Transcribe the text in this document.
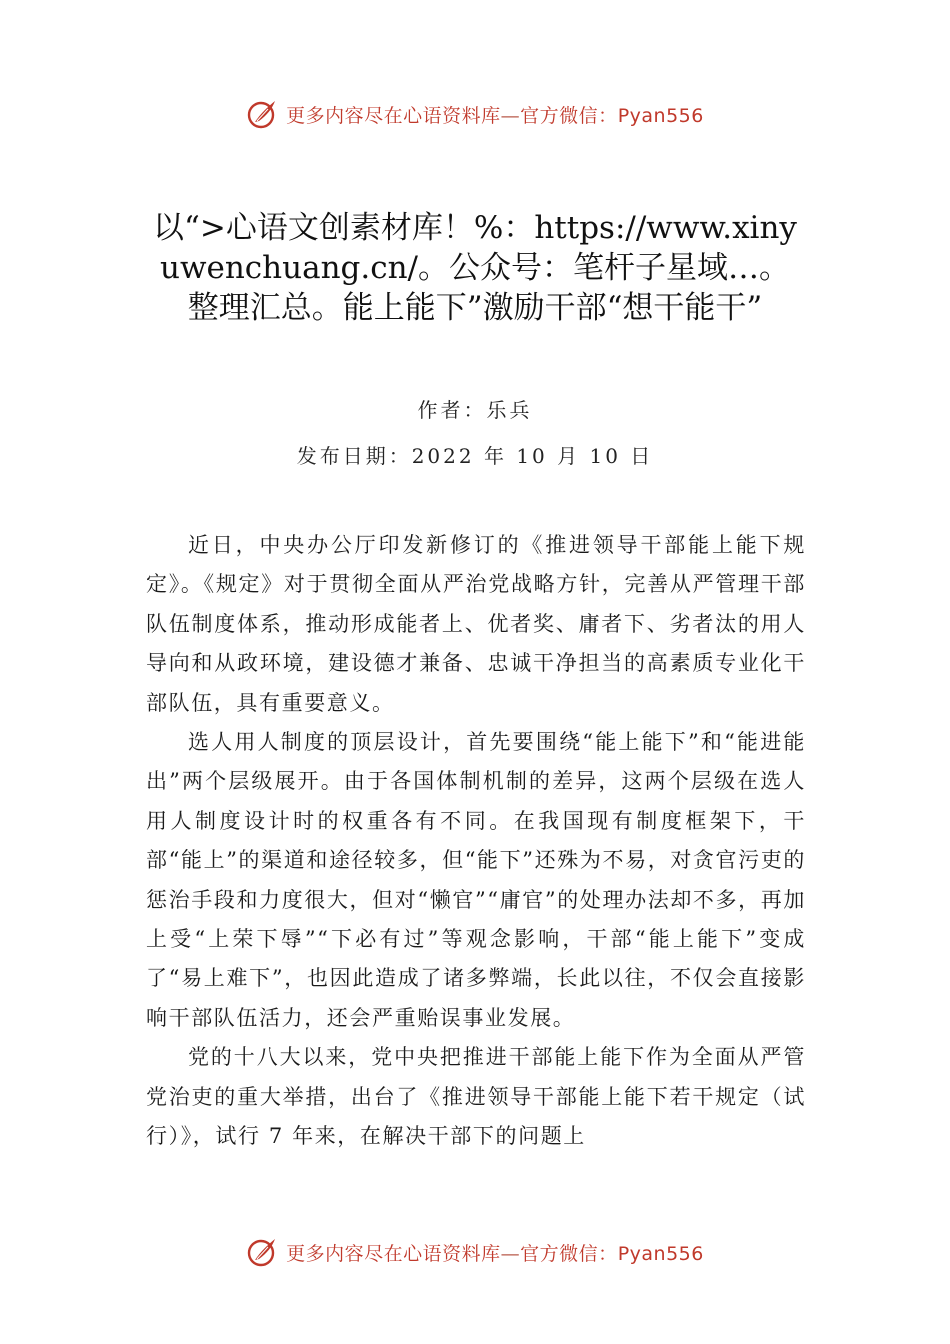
更多内容尽在心语资料库—官方微信：Pyan556
以“>心语文创素材库！%：https://www.xinyuwenchuang.cn/。公众号：笔杆子星域…。整理汇总。能上能下”激励干部“想干能干”
作者：乐兵
发布日期：2022 年 10 月 10 日

近日，中央办公厅印发新修订的《推进领导干部能上能下规定》。《规定》对于贯彻全面从严治党战略方针，完善从严管理干部队伍制度体系，推动形成能者上、优者奖、庸者下、劣者汰的用人导向和从政环境，建设德才兼备、忠诚干净担当的高素质专业化干部队伍，具有重要意义。

选人用人制度的顶层设计，首先要围绕“能上能下”和“能进能出”两个层级展开。由于各国体制机制的差异，这两个层级在选人用人制度设计时的权重各有不同。在我国现有制度框架下，干部“能上”的渠道和途径较多，但“能下”还殊为不易，对贪官污吏的惩治手段和力度很大，但对“懒官”“庸官”的处理办法却不多，再加上受“上荣下辱”“下必有过”等观念影响，干部“能上能下”变成了“易上难下”，也因此造成了诸多弊端，长此以往，不仅会直接影响干部队伍活力，还会严重贻误事业发展。

党的十八大以来，党中央把推进干部能上能下作为全面从严管党治吏的重大举措，出台了《推进领导干部能上能下若干规定（试行）》，试行 7 年来，在解决干部下的问题上

更多内容尽在心语资料库—官方微信：Pyan556
